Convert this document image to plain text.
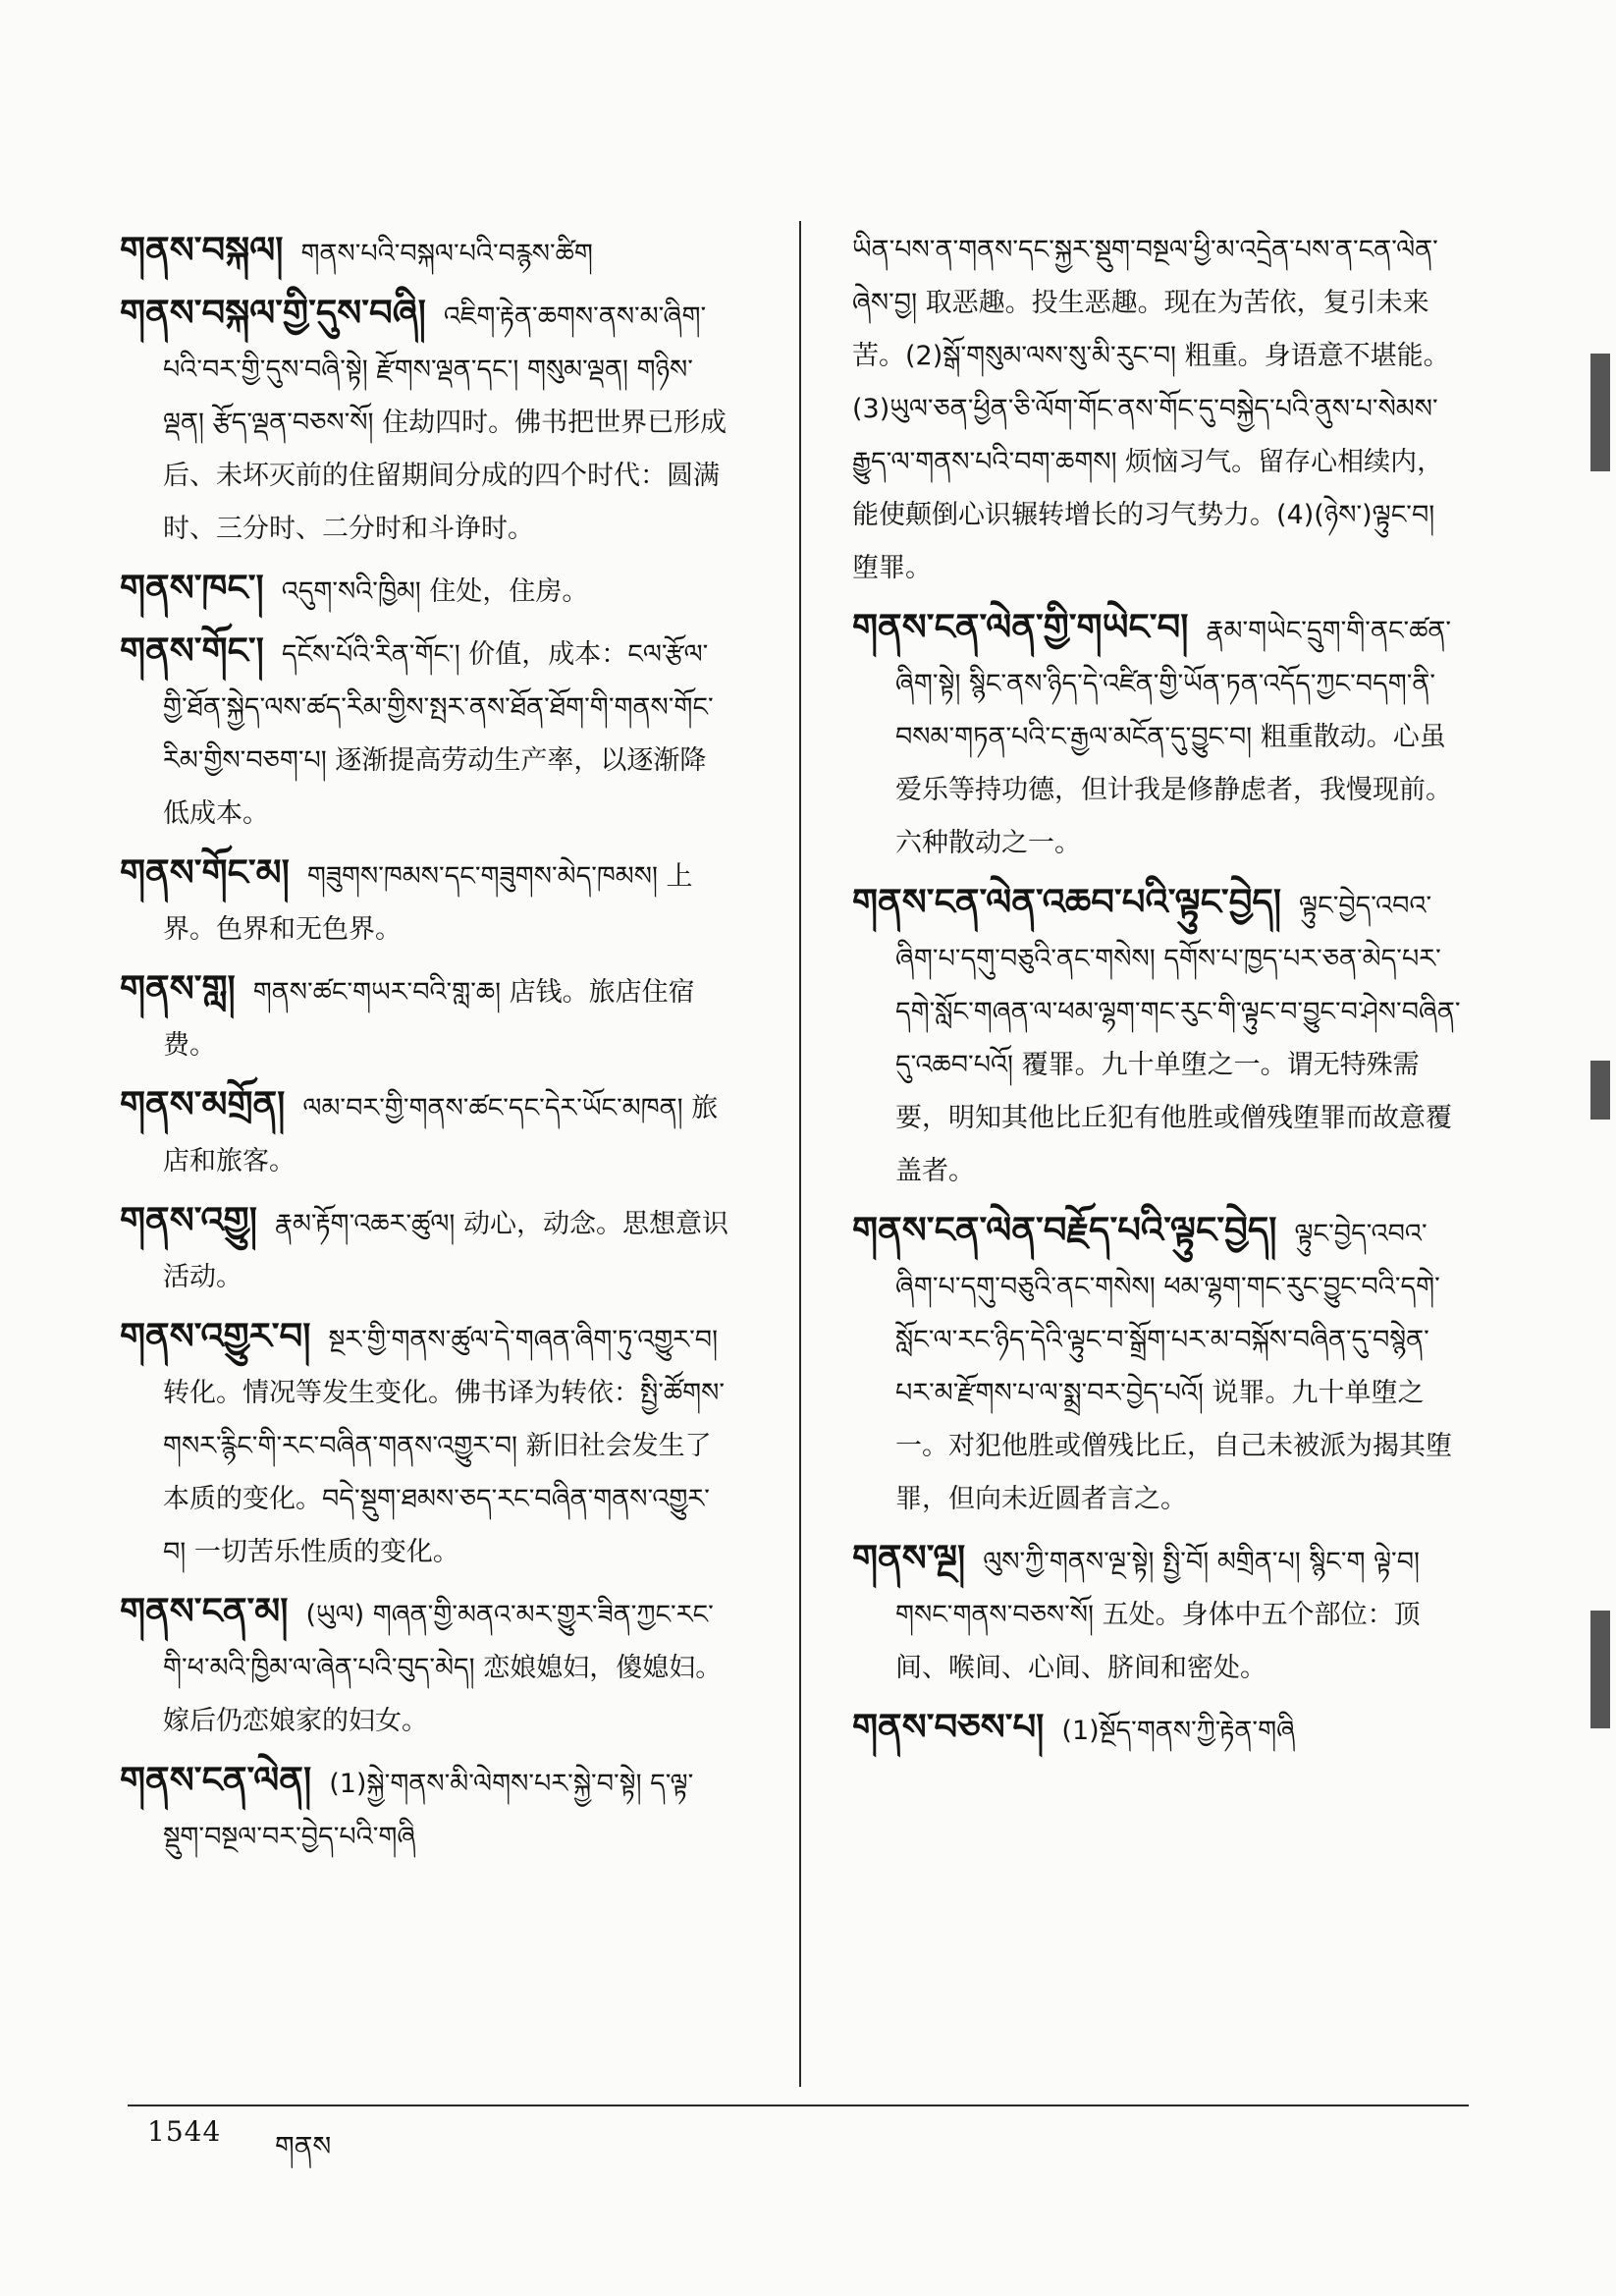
གནས་བསྐལ། གནས་པའི་བསྐལ་པའི་བརྙས་ཚིག

གནས་བསྐལ་གྱི་དུས་བཞི། འཇིག་རྟེན་ཆགས་ནས་མ་ཞིག་པའི་བར་གྱི་དུས་བཞི་སྟེ། རྫོགས་ལྡན་དང་། གསུམ་ལྡན། གཉིས་ལྡན། རྩོད་ལྡན་བཅས་སོ། 住劫四时。佛书把世界已形成后、未坏灭前的住留期间分成的四个时代：圆满时、三分时、二分时和斗诤时。

གནས་ཁང་། འདུག་སའི་ཁྱིམ། 住处，住房。

གནས་གོང་། དངོས་པོའི་རིན་གོང་། 价值，成本：ངལ་རྩོལ་གྱི་ཐོན་སྐྱེད་ལས་ཚད་རིམ་གྱིས་སྤར་ནས་ཐོན་ཐོག་གི་གནས་གོང་རིམ་གྱིས་བཅག་པ། 逐渐提高劳动生产率，以逐渐降低成本。

གནས་གོང་མ། གཟུགས་ཁམས་དང་གཟུགས་མེད་ཁམས། 上界。色界和无色界。

གནས་གླ། གནས་ཚང་གཡར་བའི་གླ་ཆ། 店钱。旅店住宿费。

གནས་མགྲོན། ལམ་བར་གྱི་གནས་ཚང་དང་དེར་ཡོང་མཁན། 旅店和旅客。

གནས་འགྱུ། རྣམ་རྟོག་འཆར་ཚུལ། 动心，动念。思想意识活动。

གནས་འགྱུར་བ། སྔར་གྱི་གནས་ཚུལ་དེ་གཞན་ཞིག་ཏུ་འགྱུར་བ། 转化。情况等发生变化。佛书译为转依：སྤྱི་ཚོགས་གསར་རྙིང་གི་རང་བཞིན་གནས་འགྱུར་བ། 新旧社会发生了本质的变化。བདེ་སྡུག་ཐམས་ཅད་རང་བཞིན་གནས་འགྱུར་བ། 一切苦乐性质的变化。

གནས་ངན་མ། (ཡུལ) གཞན་གྱི་མནའ་མར་གྱུར་ཟིན་ཀྱང་རང་གི་ཕ་མའི་ཁྱིམ་ལ་ཞེན་པའི་བུད་མེད། 恋娘媳妇，傻媳妇。嫁后仍恋娘家的妇女。

གནས་ངན་ལེན། (1)སྐྱེ་གནས་མི་ལེགས་པར་སྐྱེ་བ་སྟེ། ད་ལྟ་སྡུག་བསྔལ་བར་བྱེད་པའི་གཞི

ཡིན་པས་ན་གནས་དང་སྐྱར་སྡུག་བསྔལ་ཕྱི་མ་འདྲེན་པས་ན་ངན་ལེན་ཞེས་བྱ། 取恶趣。投生恶趣。现在为苦依，复引未来苦。(2)སྒོ་གསུམ་ལས་སུ་མི་རུང་བ། 粗重。身语意不堪能。(3)ཡུལ་ཅན་ཕྱིན་ཅི་ལོག་གོང་ནས་གོང་དུ་བསྐྱེད་པའི་ནུས་པ་སེམས་རྒྱུད་ལ་གནས་པའི་བག་ཆགས། 烦恼习气。留存心相续内，能使颠倒心识辗转增长的习气势力。(4)(ཉེས་)ལྟུང་བ། 堕罪。

གནས་ངན་ལེན་གྱི་གཡེང་བ། རྣམ་གཡེང་དྲུག་གི་ནང་ཚན་ཞིག་སྟེ། སྙིང་ནས་ཉིད་དེ་འཛིན་གྱི་ཡོན་ཏན་འདོད་ཀྱང་བདག་ནི་བསམ་གཏན་པའི་ང་རྒྱལ་མངོན་དུ་བྱུང་བ། 粗重散动。心虽爱乐等持功德，但计我是修静虑者，我慢现前。六种散动之一。

གནས་ངན་ལེན་འཆབ་པའི་ལྟུང་བྱེད། ལྟུང་བྱེད་འབའ་ཞིག་པ་དགུ་བཅུའི་ནང་གསེས། དགོས་པ་ཁྱད་པར་ཅན་མེད་པར་དགེ་སློང་གཞན་ལ་ཕམ་ལྷག་གང་རུང་གི་ལྟུང་བ་བྱུང་བ་ཤེས་བཞིན་དུ་འཆབ་པའོ། 覆罪。九十单堕之一。谓无特殊需要，明知其他比丘犯有他胜或僧残堕罪而故意覆盖者。

གནས་ངན་ལེན་བརྗོད་པའི་ལྟུང་བྱེད། ལྟུང་བྱེད་འབའ་ཞིག་པ་དགུ་བཅུའི་ནང་གསེས། ཕམ་ལྷག་གང་རུང་བྱུང་བའི་དགེ་སློང་ལ་རང་ཉིད་དེའི་ལྟུང་བ་སྒྲོག་པར་མ་བསྐོས་བཞིན་དུ་བསྙེན་པར་མ་རྫོགས་པ་ལ་སྨྲ་བར་བྱེད་པའོ། 说罪。九十单堕之一。对犯他胜或僧残比丘，自己未被派为揭其堕罪，但向未近圆者言之。

གནས་ལྔ། ལུས་ཀྱི་གནས་ལྔ་སྟེ། སྤྱི་བོ། མགྲིན་པ། སྙིང་ག ལྟེ་བ། གསང་གནས་བཅས་སོ། 五处。身体中五个部位：顶间、喉间、心间、脐间和密处。

གནས་བཅས་པ། (1)སྔོད་གནས་ཀྱི་རྟེན་གཞི

1544 གནས
